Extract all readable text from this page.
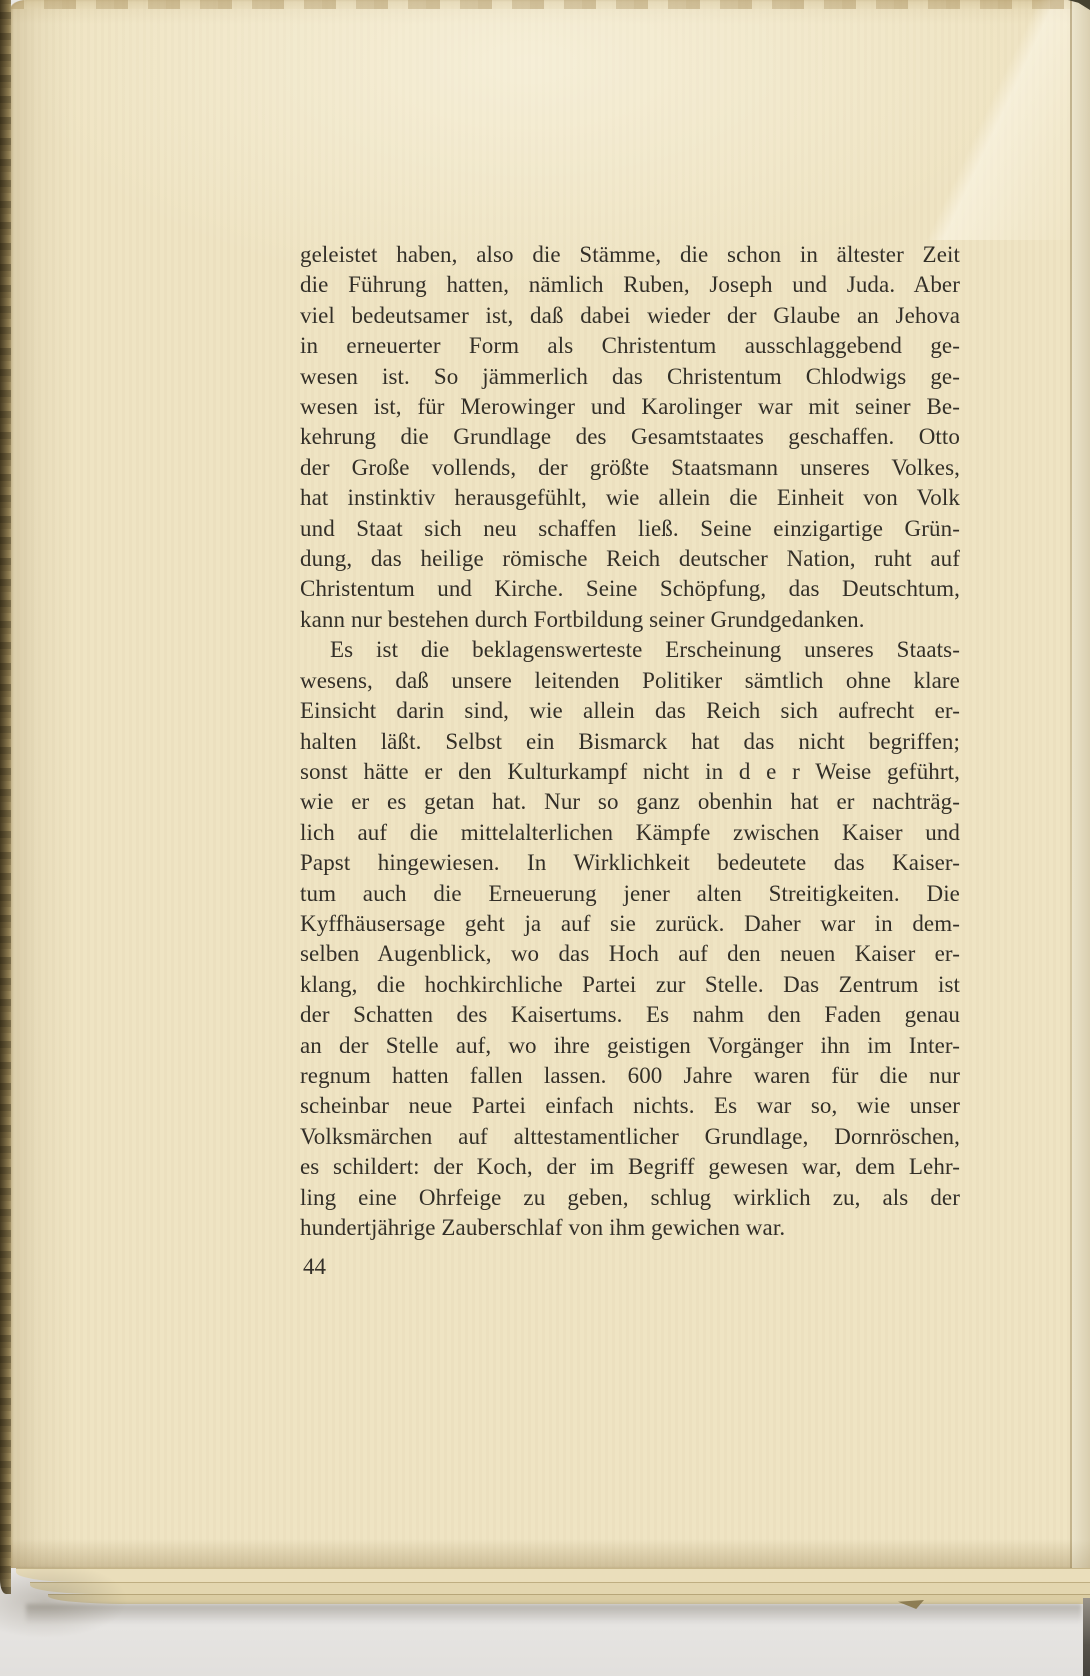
geleistet haben, also die Stämme, die schon in ältester Zeit
die Führung hatten, nämlich Ruben, Joseph und Juda. Aber
viel bedeutsamer ist, daß dabei wieder der Glaube an Jehova
in erneuerter Form als Christentum ausschlaggebend ge-
wesen ist. So jämmerlich das Christentum Chlodwigs ge-
wesen ist, für Merowinger und Karolinger war mit seiner Be-
kehrung die Grundlage des Gesamtstaates geschaffen. Otto
der Große vollends, der größte Staatsmann unseres Volkes,
hat instinktiv herausgefühlt, wie allein die Einheit von Volk
und Staat sich neu schaffen ließ. Seine einzigartige Grün-
dung, das heilige römische Reich deutscher Nation, ruht auf
Christentum und Kirche. Seine Schöpfung, das Deutschtum,
kann nur bestehen durch Fortbildung seiner Grundgedanken.
Es ist die beklagenswerteste Erscheinung unseres Staats-
wesens, daß unsere leitenden Politiker sämtlich ohne klare
Einsicht darin sind, wie allein das Reich sich aufrecht er-
halten läßt. Selbst ein Bismarck hat das nicht begriffen;
sonst hätte er den Kulturkampf nicht in d e r Weise geführt,
wie er es getan hat. Nur so ganz obenhin hat er nachträg-
lich auf die mittelalterlichen Kämpfe zwischen Kaiser und
Papst hingewiesen. In Wirklichkeit bedeutete das Kaiser-
tum auch die Erneuerung jener alten Streitigkeiten. Die
Kyffhäusersage geht ja auf sie zurück. Daher war in dem-
selben Augenblick, wo das Hoch auf den neuen Kaiser er-
klang, die hochkirchliche Partei zur Stelle. Das Zentrum ist
der Schatten des Kaisertums. Es nahm den Faden genau
an der Stelle auf, wo ihre geistigen Vorgänger ihn im Inter-
regnum hatten fallen lassen. 600 Jahre waren für die nur
scheinbar neue Partei einfach nichts. Es war so, wie unser
Volksmärchen auf alttestamentlicher Grundlage, Dornröschen,
es schildert: der Koch, der im Begriff gewesen war, dem Lehr-
ling eine Ohrfeige zu geben, schlug wirklich zu, als der
hundertjährige Zauberschlaf von ihm gewichen war.
44
